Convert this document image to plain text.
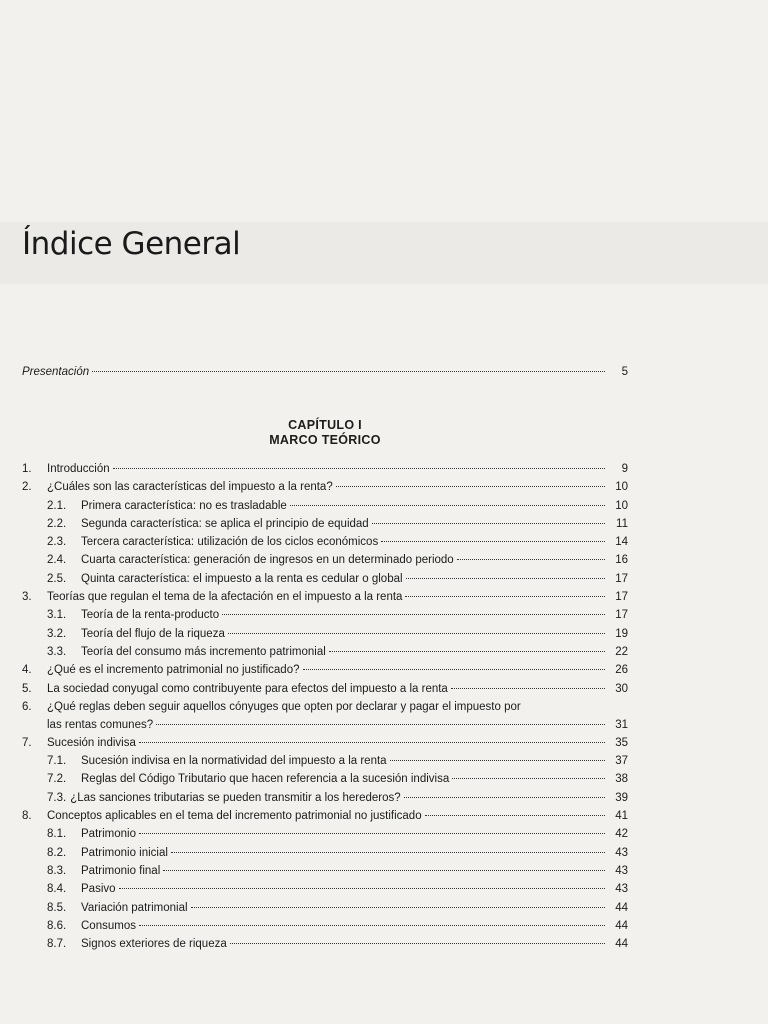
Índice General
Presentación	5
CAPÍTULO I
MARCO TEÓRICO
1.	Introducción	9
2.	¿Cuáles son las características del impuesto a la renta?	10
2.1.	Primera característica: no es trasladable	10
2.2.	Segunda característica: se aplica el principio de equidad	11
2.3.	Tercera característica: utilización de los ciclos económicos	14
2.4.	Cuarta característica: generación de ingresos en un determinado periodo	16
2.5.	Quinta característica: el impuesto a la renta es cedular o global	17
3.	Teorías que regulan el tema de la afectación en el impuesto a la renta	17
3.1.	Teoría de la renta-producto	17
3.2.	Teoría del flujo de la riqueza	19
3.3.	Teoría del consumo más incremento patrimonial	22
4.	¿Qué es el incremento patrimonial no justificado?	26
5.	La sociedad conyugal como contribuyente para efectos del impuesto a la renta	30
6.	¿Qué reglas deben seguir aquellos cónyuges que opten por declarar y pagar el impuesto por
las rentas comunes?	31
7.	Sucesión indivisa	35
7.1.	Sucesión indivisa en la normatividad del impuesto a la renta	37
7.2.	Reglas del Código Tributario que hacen referencia a la sucesión indivisa	38
7.3. ¿Las sanciones tributarias se pueden transmitir a los herederos?	39
8.	Conceptos aplicables en el tema del incremento patrimonial no justificado	41
8.1.	Patrimonio	42
8.2.	Patrimonio inicial	43
8.3.	Patrimonio final	43
8.4.	Pasivo	43
8.5.	Variación patrimonial	44
8.6.	Consumos	44
8.7.	Signos exteriores de riqueza	44
